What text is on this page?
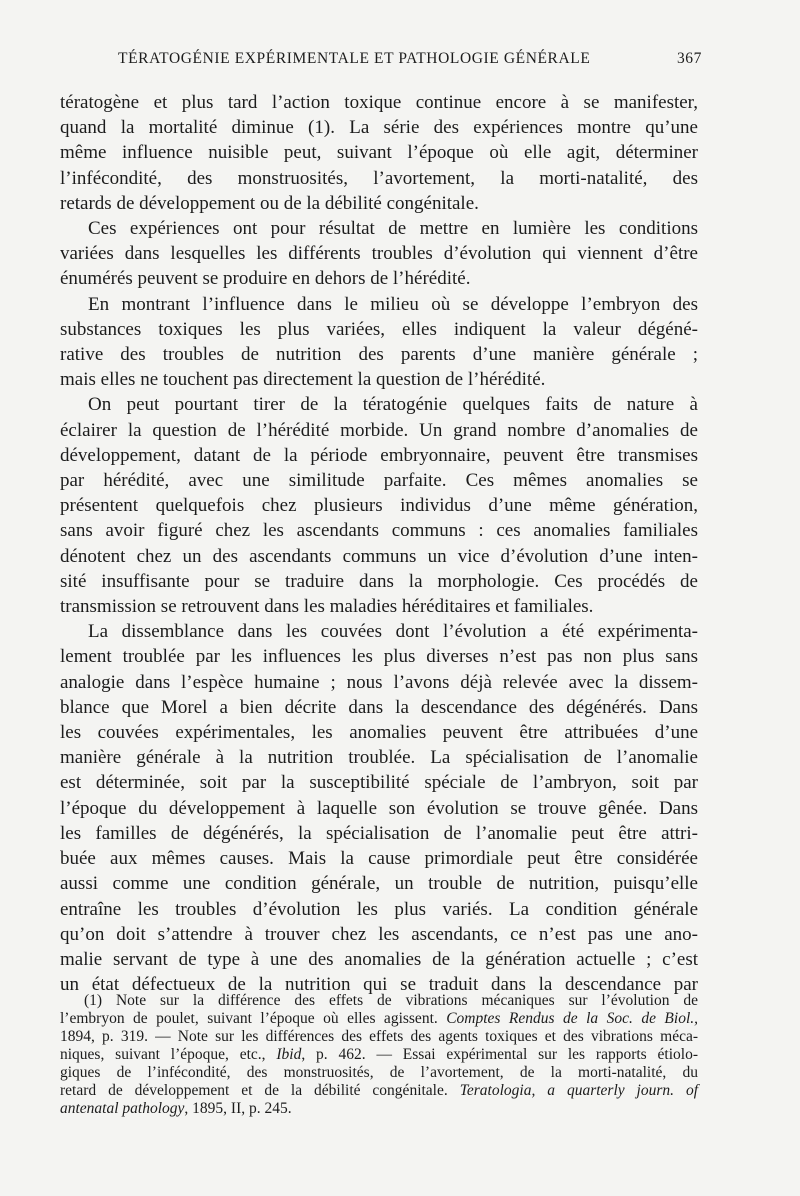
TÉRATOGÉNIE EXPÉRIMENTALE ET PATHOLOGIE GÉNÉRALE	367

tératogène et plus tard l’action toxique continue encore à se manifester,
quand la mortalité diminue (1). La série des expériences montre qu’une
même influence nuisible peut, suivant l’époque où elle agit, déterminer
l’infécondité, des monstruosités, l’avortement, la morti-natalité, des
retards de développement ou de la débilité congénitale.

Ces expériences ont pour résultat de mettre en lumière les conditions
variées dans lesquelles les différents troubles d’évolution qui viennent d’être
énumérés peuvent se produire en dehors de l’hérédité.

En montrant l’influence dans le milieu où se développe l’embryon des
substances toxiques les plus variées, elles indiquent la valeur dégéné-
rative des troubles de nutrition des parents d’une manière générale ;
mais elles ne touchent pas directement la question de l’hérédité.

On peut pourtant tirer de la tératogénie quelques faits de nature à
éclairer la question de l’hérédité morbide. Un grand nombre d’anomalies de
développement, datant de la période embryonnaire, peuvent être transmises
par hérédité, avec une similitude parfaite. Ces mêmes anomalies se
présentent quelquefois chez plusieurs individus d’une même génération,
sans avoir figuré chez les ascendants communs : ces anomalies familiales
dénotent chez un des ascendants communs un vice d’évolution d’une inten-
sité insuffisante pour se traduire dans la morphologie. Ces procédés de
transmission se retrouvent dans les maladies héréditaires et familiales.

La dissemblance dans les couvées dont l’évolution a été expérimenta-
lement troublée par les influences les plus diverses n’est pas non plus sans
analogie dans l’espèce humaine ; nous l’avons déjà relevée avec la dissem-
blance que Morel a bien décrite dans la descendance des dégénérés. Dans
les couvées expérimentales, les anomalies peuvent être attribuées d’une
manière générale à la nutrition troublée. La spécialisation de l’anomalie
est déterminée, soit par la susceptibilité spéciale de l’ambryon, soit par
l’époque du développement à laquelle son évolution se trouve gênée. Dans
les familles de dégénérés, la spécialisation de l’anomalie peut être attri-
buée aux mêmes causes. Mais la cause primordiale peut être considérée
aussi comme une condition générale, un trouble de nutrition, puisqu’elle
entraîne les troubles d’évolution les plus variés. La condition générale
qu’on doit s’attendre à trouver chez les ascendants, ce n’est pas une ano-
malie servant de type à une des anomalies de la génération actuelle ; c’est
un état défectueux de la nutrition qui se traduit dans la descendance par

(1) Note sur la différence des effets de vibrations mécaniques sur l’évolution de
l’embryon de poulet, suivant l’époque où elles agissent. Comptes Rendus de la Soc. de Biol.,
1894, p. 319. — Note sur les différences des effets des agents toxiques et des vibrations méca-
niques, suivant l’époque, etc., Ibid, p. 462. — Essai expérimental sur les rapports étiolo-
giques de l’infécondité, des monstruosités, de l’avortement, de la morti-natalité, du
retard de développement et de la débilité congénitale. Teratologia, a quarterly journ. of
antenatal pathology, 1895, II, p. 245.
